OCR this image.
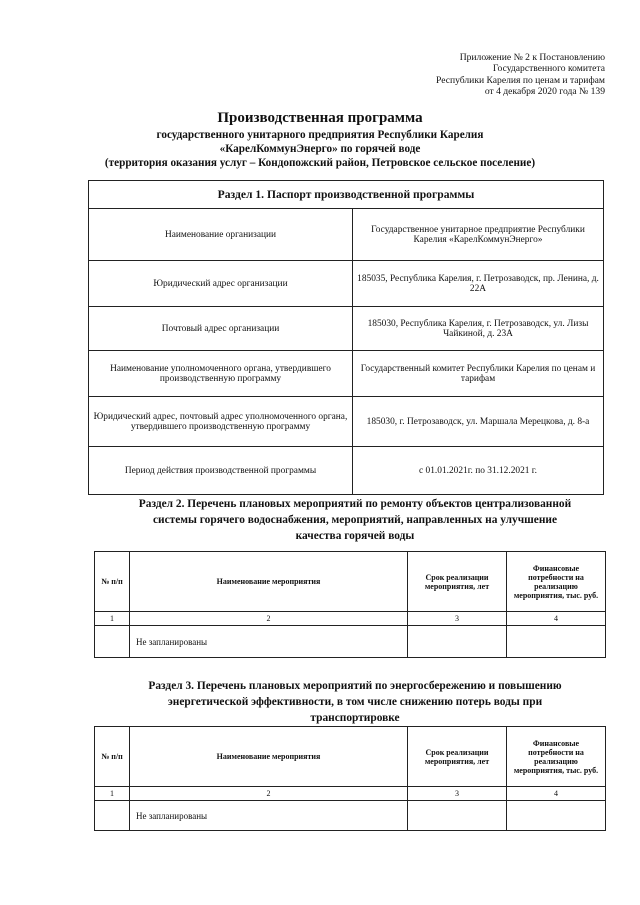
Приложение № 2 к Постановлению
Государственного комитета
Республики Карелия по ценам и тарифам
от 4 декабря 2020 года № 139
Производственная программа
государственного унитарного предприятия Республики Карелия
«КарелКоммунЭнерго» по горячей воде
(территория оказания услуг – Кондопожский район, Петровское сельское поселение)
Раздел 1. Паспорт производственной программы	
Наименование организации	Государственное унитарное предприятие Республики Карелия «КарелКоммунЭнерго»
Юридический адрес организации	185035, Республика Карелия, г. Петрозаводск, пр. Ленина, д. 22А
Почтовый адрес организации	185030, Республика Карелия, г. Петрозаводск, ул. Лизы Чайкиной, д. 23А
Наименование уполномоченного органа, утвердившего производственную программу	Государственный комитет Республики Карелия по ценам и тарифам
Юридический адрес, почтовый адрес уполномоченного органа, утвердившего производственную программу	185030, г. Петрозаводск, ул. Маршала Мерецкова, д. 8-а
Период действия производственной программы	с 01.01.2021г. по 31.12.2021 г.
Раздел 2. Перечень плановых мероприятий по ремонту объектов централизованной
системы горячего водоснабжения, мероприятий, направленных на улучшение
качества горячей воды
№ п/п	Наименование мероприятия	Срок реализации мероприятия, лет	Финансовые потребности на реализацию мероприятия, тыс. руб.
1	2	3	4
	Не запланированы		
Раздел 3. Перечень плановых мероприятий по энергосбережению и повышению
энергетической эффективности, в том числе снижению потерь воды при
транспортировке
№ п/п	Наименование мероприятия	Срок реализации мероприятия, лет	Финансовые потребности на реализацию мероприятия, тыс. руб.
1	2	3	4
	Не запланированы		
